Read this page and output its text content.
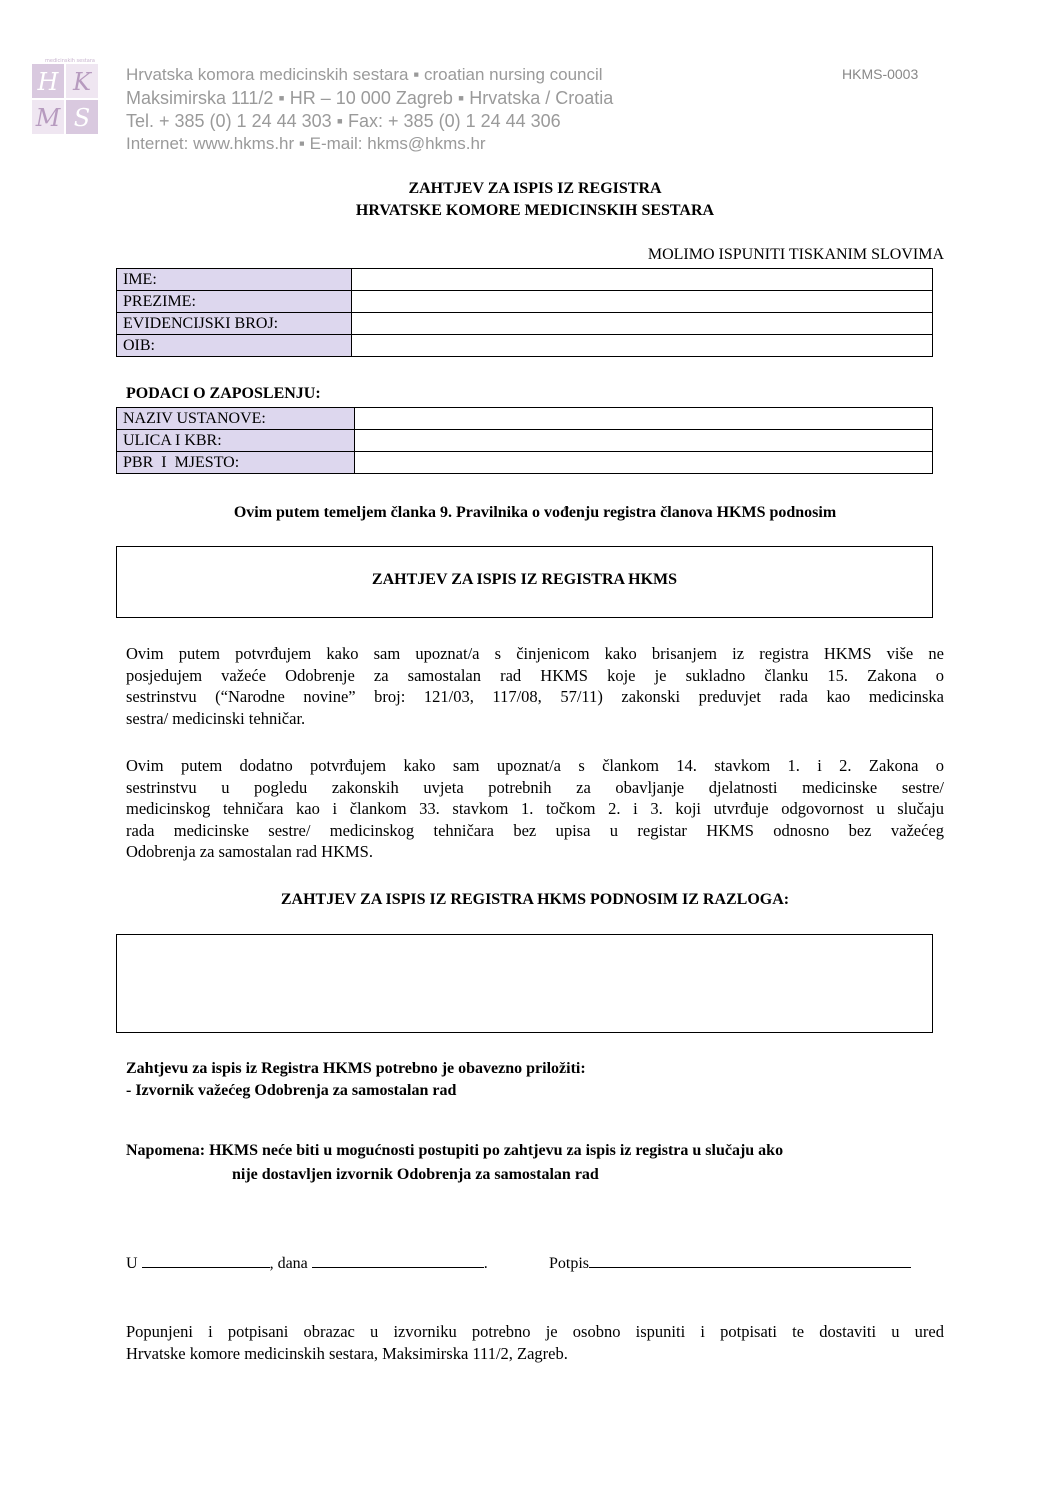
H K
M S
medicinskih sestara
Hrvatska komora medicinskih sestara ▪ croatian nursing council
Maksimirska 111/2 ▪ HR – 10 000 Zagreb ▪ Hrvatska / Croatia
Tel. + 385 (0) 1 24 44 303 ▪ Fax: + 385 (0) 1 24 44 306
Internet: www.hkms.hr ▪ E-mail: hkms@hkms.hr
HKMS-0003
ZAHTJEV ZA ISPIS IZ REGISTRA
HRVATSKE KOMORE MEDICINSKIH SESTARA
MOLIMO ISPUNITI TISKANIM SLOVIMA
IME:	
PREZIME:	
EVIDENCIJSKI BROJ:	
OIB:	
PODACI O ZAPOSLENJU:
NAZIV USTANOVE:	
ULICA I KBR:	
PBR  I  MJESTO:	
Ovim putem temeljem članka 9. Pravilnika o vođenju registra članova HKMS podnosim
ZAHTJEV ZA ISPIS IZ REGISTRA HKMS
Ovim putem potvrđujem kako sam upoznat/a s činjenicom kako brisanjem iz registra HKMS više ne
posjedujem važeće Odobrenje za samostalan rad HKMS koje je sukladno članku 15. Zakona o
sestrinstvu (“Narodne novine” broj: 121/03, 117/08, 57/11) zakonski preduvjet rada kao medicinska
sestra/ medicinski tehničar.
Ovim putem dodatno potvrđujem kako sam upoznat/a s člankom 14. stavkom 1. i 2. Zakona o
sestrinstvu u pogledu zakonskih uvjeta potrebnih za obavljanje djelatnosti medicinske sestre/
medicinskog tehničara kao i člankom 33. stavkom 1. točkom 2. i 3. koji utvrđuje odgovornost u slučaju
rada medicinske sestre/ medicinskog tehničara bez upisa u registar HKMS odnosno bez važećeg
Odobrenja za samostalan rad HKMS.
ZAHTJEV ZA ISPIS IZ REGISTRA HKMS PODNOSIM IZ RAZLOGA:
Zahtjevu za ispis iz Registra HKMS potrebno je obavezno priložiti:
- Izvornik važećeg Odobrenja za samostalan rad
Napomena: HKMS neće biti u mogućnosti postupiti po zahtjevu za ispis iz registra u slučaju ako
nije dostavljen izvornik Odobrenja za samostalan rad
U	, dana	.	Potpis
Popunjeni i potpisani obrazac u izvorniku potrebno je osobno ispuniti i potpisati te dostaviti u ured
Hrvatske komore medicinskih sestara, Maksimirska 111/2, Zagreb.
